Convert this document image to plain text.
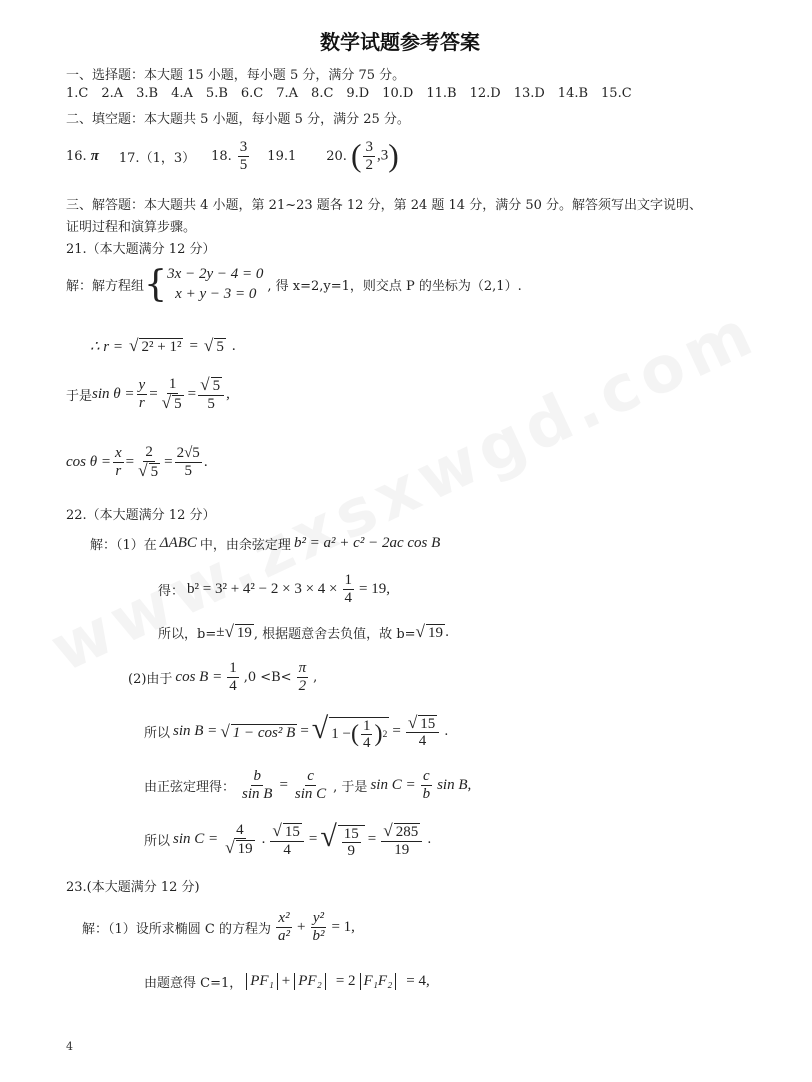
数学试题参考答案
一、选择题：本大题 15 小题，每小题 5 分，满分 75 分。
1.C 2.A 3.B 4.A 5.B 6.C 7.A 8.C 9.D 10.D 11.B 12.D 13.D 14.B 15.C
二、填空题：本大题共 5 小题，每小题 5 分，满分 25 分。
16. π 17.（1，3） 18. $\frac{3}{5} 19.1$ 20. ( $\frac{3}{2} ,3$)
三、解答题：本大题共 4 小题，第 21~23 题各 12 分，第 24 题 14 分，满分 50 分。解答须写出文字说明、
证明过程和演算步骤。
21.（本大题满分 12 分）
解：解方程组 { 3x − 2y − 4 = 0
x + y − 3 = 0 , 得 x=2,y=1，则交点 P 的坐标为（2,1）.
∴ r = √ 2² + 1² = √ 5 .
于是 $\sin \theta = \frac{y}{r} = \frac{1}{√ 5} = \frac{√ 5}{5}$ ,
$\cos \theta = \frac{x}{r} = \frac{2}{√ 5} = \frac{2√5}{5}$ .
22.（本大题满分 12 分）
解：（1）在 ΔABC 中，由余弦定理 b² = a² + c² − 2ac cos B
得： $b^2 = 3^2 + 4^2 - 2 \times 3 \times 4 \times \frac{1}{4} = 19$,
所以，b= ± √ 19 , 根据题意舍去负值，故 b= √ 19 .
(2)由于 $\cos B = \frac{1}{4} ,0 <B< \frac{\pi}{2}$ ,
所以 sin B = √ 1 − cos² B = √ 1 − ( $\frac{1}{4}$ ) $2 = \frac{√ 15}{4}$ .
由正弦定理得： $\frac{b}{\text{sin B}} = \frac{c}{\text{sin C}}$ , 于是 $\sin C = \frac{c}{b}$ sin B,
所以 $\sin C = \frac{4}{√ 19}$ . $\frac{√ 15}{4}$ = √ $\frac{15}{9} = \frac{√ 285}{19}$ .
23.(本大题满分 12 分)
解：（1）设所求椭圆 C 的方程为 $\frac{\text{x²}}{\text{a²}} + \frac{\text{y²}}{\text{b²}} = 1$,
由题意得 C=1， PF₁ + PF₂ = 2 F₁F₂ = 4,
4
